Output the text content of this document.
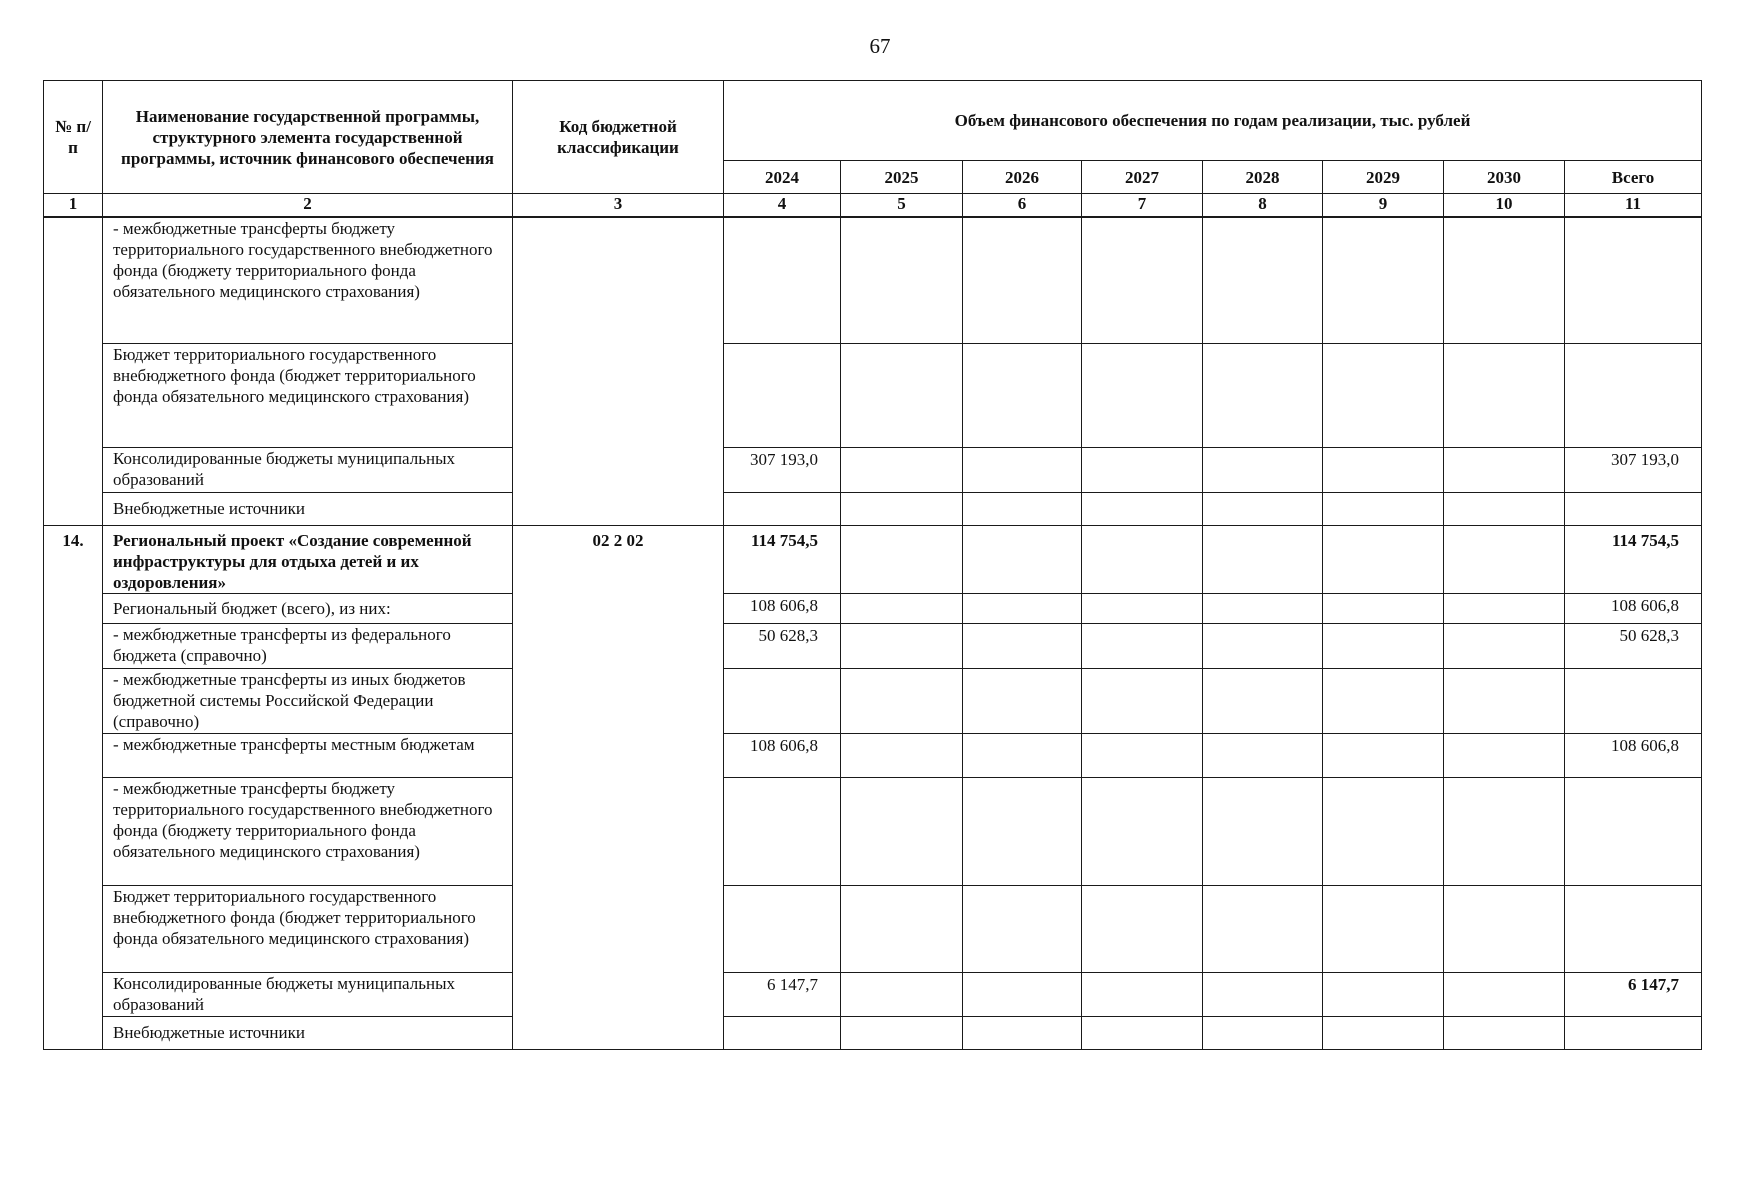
67
№ п/п	Наименование государственной программы, структурного элемента государственной программы, источник финансового обеспечения	Код бюджетной классификации	Объем финансового обеспечения по годам реализации, тыс. рублей							
			2024	2025	2026	2027	2028	2029	2030	Всего
1	2	3	4	5	6	7	8	9	10	11
	- межбюджетные трансферты бюджету территориального государственного внебюджетного фонда (бюджету территориального фонда обязательного медицинского страхования)									
	Бюджет территориального государственного внебюджетного фонда (бюджет территориального фонда обязательного медицинского страхования)									
	Консолидированные бюджеты муниципальных образований		307 193,0							307 193,0
	Внебюджетные источники									
14.	Региональный проект «Создание современной инфраструктуры для отдыха детей и их оздоровления»	02 2 02	114 754,5							114 754,5
	Региональный бюджет (всего), из них:		108 606,8							108 606,8
	- межбюджетные трансферты из федерального бюджета (справочно)		50 628,3							50 628,3
	- межбюджетные трансферты из иных бюджетов бюджетной системы Российской Федерации (справочно)									
	- межбюджетные трансферты местным бюджетам		108 606,8							108 606,8
	- межбюджетные трансферты бюджету территориального государственного внебюджетного фонда (бюджету территориального фонда обязательного медицинского страхования)									
	Бюджет территориального государственного внебюджетного фонда (бюджет территориального фонда обязательного медицинского страхования)									
	Консолидированные бюджеты муниципальных образований		6 147,7							6 147,7
	Внебюджетные источники									
